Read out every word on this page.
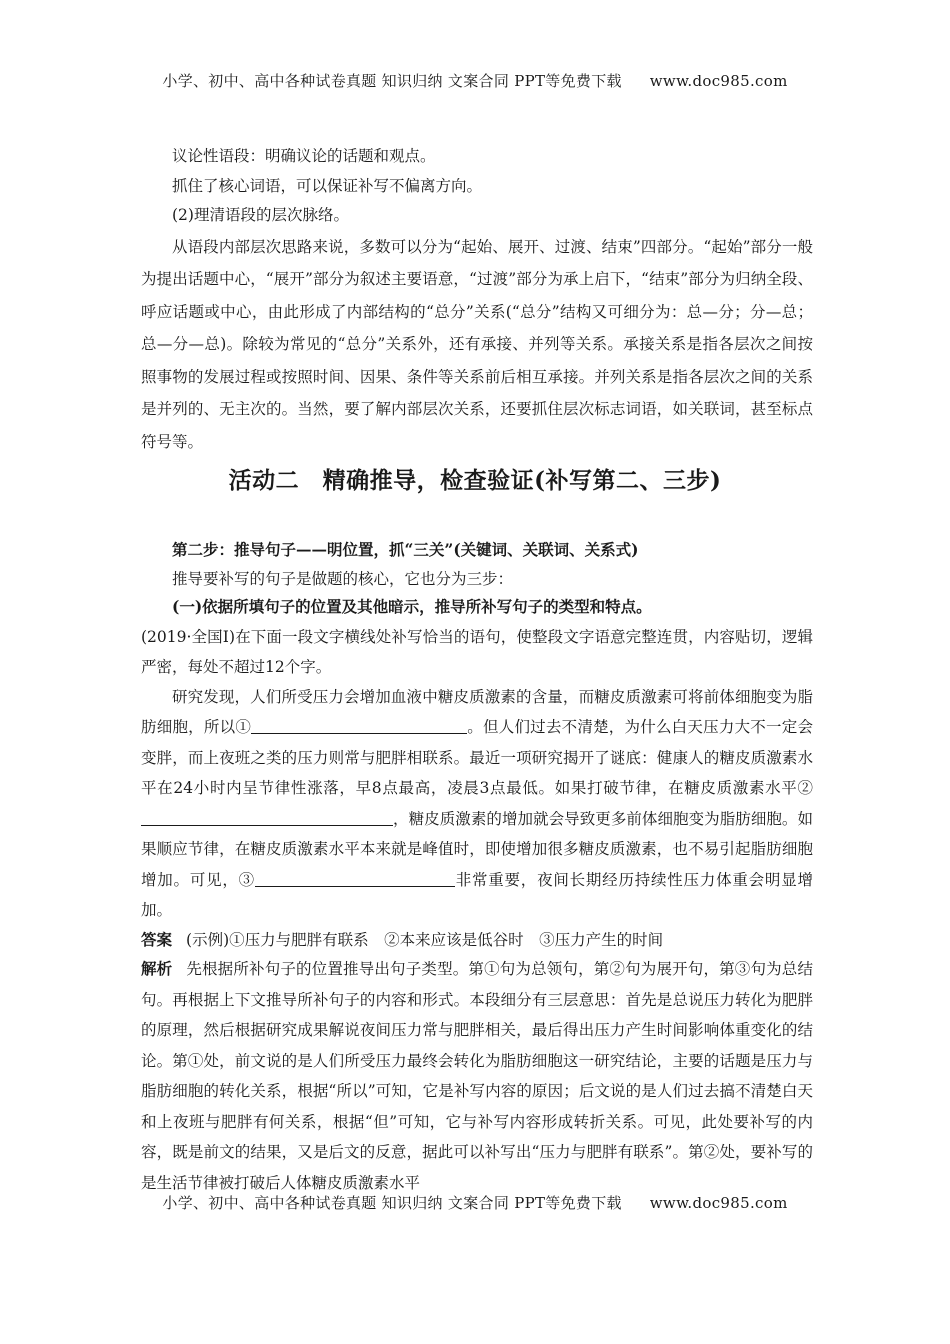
小学、初中、高中各种试卷真题 知识归纳 文案合同 PPT等免费下载 www.doc985.com

议论性语段：明确议论的话题和观点。

抓住了核心词语，可以保证补写不偏离方向。

(2)理清语段的层次脉络。

从语段内部层次思路来说，多数可以分为“起始、展开、过渡、结束”四部分。“起始”部分一般为提出话题中心，“展开”部分为叙述主要语意，“过渡”部分为承上启下，“结束”部分为归纳全段、呼应话题或中心，由此形成了内部结构的“总分”关系(“总分”结构又可细分为：总—分；分—总；总—分—总)。除较为常见的“总分”关系外，还有承接、并列等关系。承接关系是指各层次之间按照事物的发展过程或按照时间、因果、条件等关系前后相互承接。并列关系是指各层次之间的关系是并列的、无主次的。当然，要了解内部层次关系，还要抓住层次标志词语，如关联词，甚至标点符号等。

活动二　精确推导，检查验证(补写第二、三步)

第二步：推导句子——明位置，抓“三关”(关键词、关联词、关系式)

推导要补写的句子是做题的核心，它也分为三步：

(一)依据所填句子的位置及其他暗示，推导所补写句子的类型和特点。

(2019·全国Ⅰ)在下面一段文字横线处补写恰当的语句，使整段文字语意完整连贯，内容贴切，逻辑严密，每处不超过12个字。

研究发现，人们所受压力会增加血液中糖皮质激素的含量，而糖皮质激素可将前体细胞变为脂肪细胞，所以①	。但人们过去不清楚，为什么白天压力大不一定会变胖，而上夜班之类的压力则常与肥胖相联系。最近一项研究揭开了谜底：健康人的糖皮质激素水平在24小时内呈节律性涨落，早8点最高，凌晨3点最低。如果打破节律，在糖皮质激素水平②，糖皮质激素的增加就会导致更多前体细胞变为脂肪细胞。如果顺应节律，在糖皮质激素水平本来就是峰值时，即使增加很多糖皮质激素，也不易引起脂肪细胞增加。可见，③	非常重要，夜间长期经历持续性压力体重会明显增加。

答案 (示例)①压力与肥胖有联系　②本来应该是低谷时　③压力产生的时间

解析 先根据所补句子的位置推导出句子类型。第①句为总领句，第②句为展开句，第③句为总结句。再根据上下文推导所补句子的内容和形式。本段细分有三层意思：首先是总说压力转化为肥胖的原理，然后根据研究成果解说夜间压力常与肥胖相关，最后得出压力产生时间影响体重变化的结论。第①处，前文说的是人们所受压力最终会转化为脂肪细胞这一研究结论，主要的话题是压力与脂肪细胞的转化关系，根据“所以”可知，它是补写内容的原因；后文说的是人们过去搞不清楚白天和上夜班与肥胖有何关系，根据“但”可知，它与补写内容形成转折关系。可见，此处要补写的内容，既是前文的结果，又是后文的反意，据此可以补写出“压力与肥胖有联系”。第②处，要补写的是生活节律被打破后人体糖皮质激素水平

小学、初中、高中各种试卷真题 知识归纳 文案合同 PPT等免费下载 www.doc985.com
